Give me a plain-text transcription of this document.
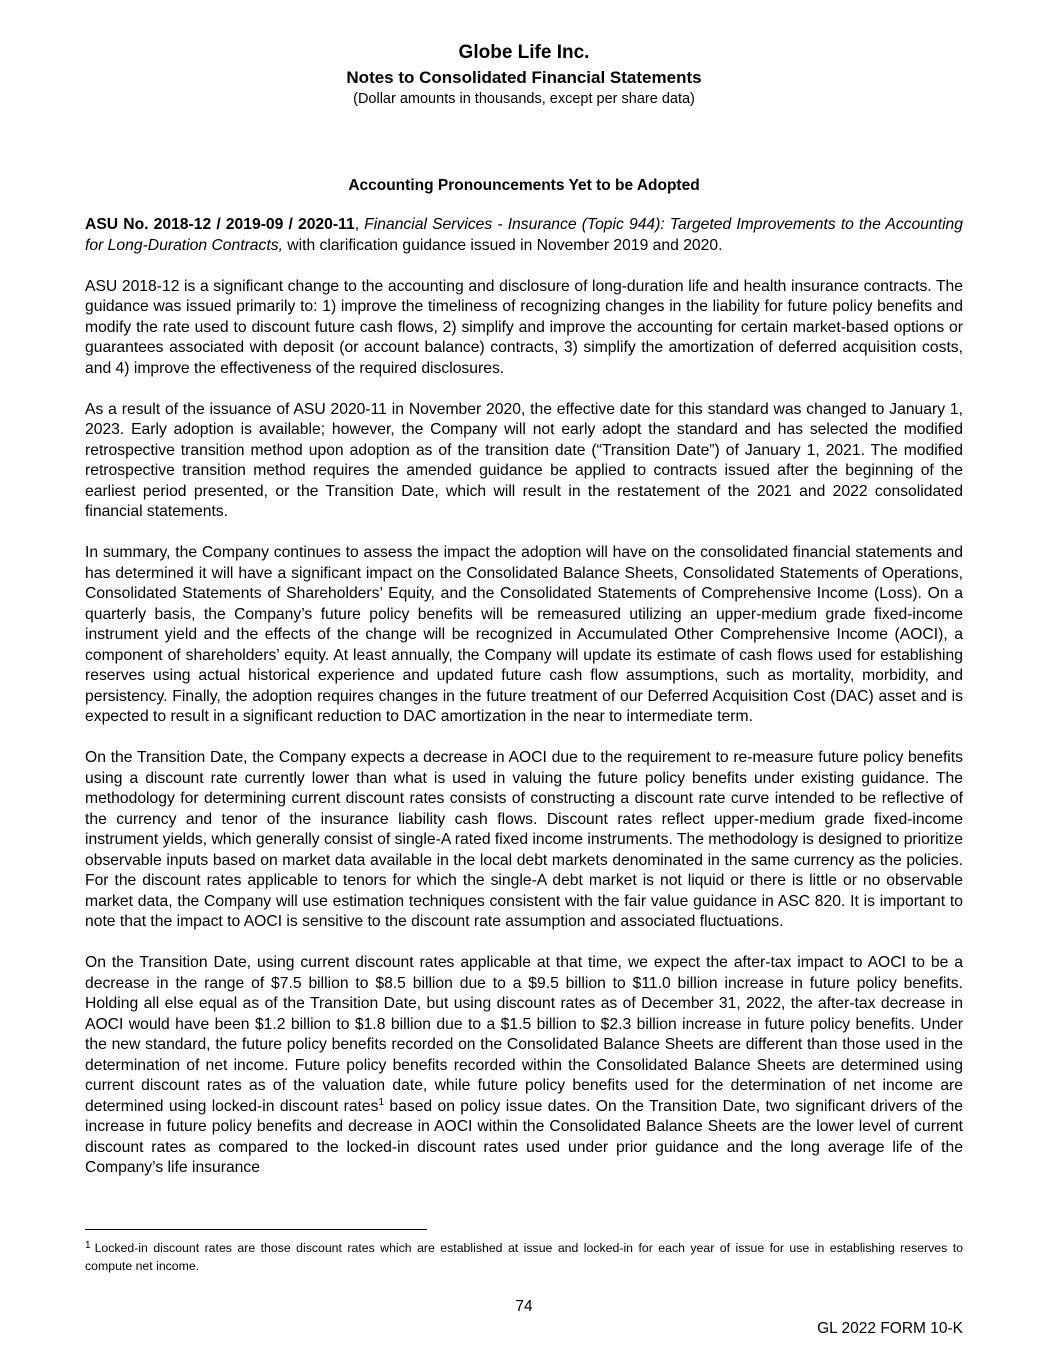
Globe Life Inc.
Notes to Consolidated Financial Statements
(Dollar amounts in thousands, except per share data)
Accounting Pronouncements Yet to be Adopted

ASU No. 2018-12 / 2019-09 / 2020-11, Financial Services - Insurance (Topic 944): Targeted Improvements to the Accounting for Long-Duration Contracts, with clarification guidance issued in November 2019 and 2020.

ASU 2018-12 is a significant change to the accounting and disclosure of long-duration life and health insurance contracts. The guidance was issued primarily to: 1) improve the timeliness of recognizing changes in the liability for future policy benefits and modify the rate used to discount future cash flows, 2) simplify and improve the accounting for certain market-based options or guarantees associated with deposit (or account balance) contracts, 3) simplify the amortization of deferred acquisition costs, and 4) improve the effectiveness of the required disclosures.

As a result of the issuance of ASU 2020-11 in November 2020, the effective date for this standard was changed to January 1, 2023. Early adoption is available; however, the Company will not early adopt the standard and has selected the modified retrospective transition method upon adoption as of the transition date (“Transition Date”) of January 1, 2021. The modified retrospective transition method requires the amended guidance be applied to contracts issued after the beginning of the earliest period presented, or the Transition Date, which will result in the restatement of the 2021 and 2022 consolidated financial statements.

In summary, the Company continues to assess the impact the adoption will have on the consolidated financial statements and has determined it will have a significant impact on the Consolidated Balance Sheets, Consolidated Statements of Operations, Consolidated Statements of Shareholders’ Equity, and the Consolidated Statements of Comprehensive Income (Loss). On a quarterly basis, the Company’s future policy benefits will be remeasured utilizing an upper-medium grade fixed-income instrument yield and the effects of the change will be recognized in Accumulated Other Comprehensive Income (AOCI), a component of shareholders’ equity. At least annually, the Company will update its estimate of cash flows used for establishing reserves using actual historical experience and updated future cash flow assumptions, such as mortality, morbidity, and persistency. Finally, the adoption requires changes in the future treatment of our Deferred Acquisition Cost (DAC) asset and is expected to result in a significant reduction to DAC amortization in the near to intermediate term.

On the Transition Date, the Company expects a decrease in AOCI due to the requirement to re-measure future policy benefits using a discount rate currently lower than what is used in valuing the future policy benefits under existing guidance. The methodology for determining current discount rates consists of constructing a discount rate curve intended to be reflective of the currency and tenor of the insurance liability cash flows. Discount rates reflect upper-medium grade fixed-income instrument yields, which generally consist of single-A rated fixed income instruments. The methodology is designed to prioritize observable inputs based on market data available in the local debt markets denominated in the same currency as the policies. For the discount rates applicable to tenors for which the single-A debt market is not liquid or there is little or no observable market data, the Company will use estimation techniques consistent with the fair value guidance in ASC 820. It is important to note that the impact to AOCI is sensitive to the discount rate assumption and associated fluctuations.

On the Transition Date, using current discount rates applicable at that time, we expect the after-tax impact to AOCI to be a decrease in the range of $7.5 billion to $8.5 billion due to a $9.5 billion to $11.0 billion increase in future policy benefits. Holding all else equal as of the Transition Date, but using discount rates as of December 31, 2022, the after-tax decrease in AOCI would have been $1.2 billion to $1.8 billion due to a $1.5 billion to $2.3 billion increase in future policy benefits. Under the new standard, the future policy benefits recorded on the Consolidated Balance Sheets are different than those used in the determination of net income. Future policy benefits recorded within the Consolidated Balance Sheets are determined using current discount rates as of the valuation date, while future policy benefits used for the determination of net income are determined using locked-in discount rates$^1$ based on policy issue dates. On the Transition Date, two significant drivers of the increase in future policy benefits and decrease in AOCI within the Consolidated Balance Sheets are the lower level of current discount rates as compared to the locked-in discount rates used under prior guidance and the long average life of the Company’s life insurance

$^1$ Locked-in discount rates are those discount rates which are established at issue and locked-in for each year of issue for use in establishing reserves to compute net income.
74
GL 2022 FORM 10-K
